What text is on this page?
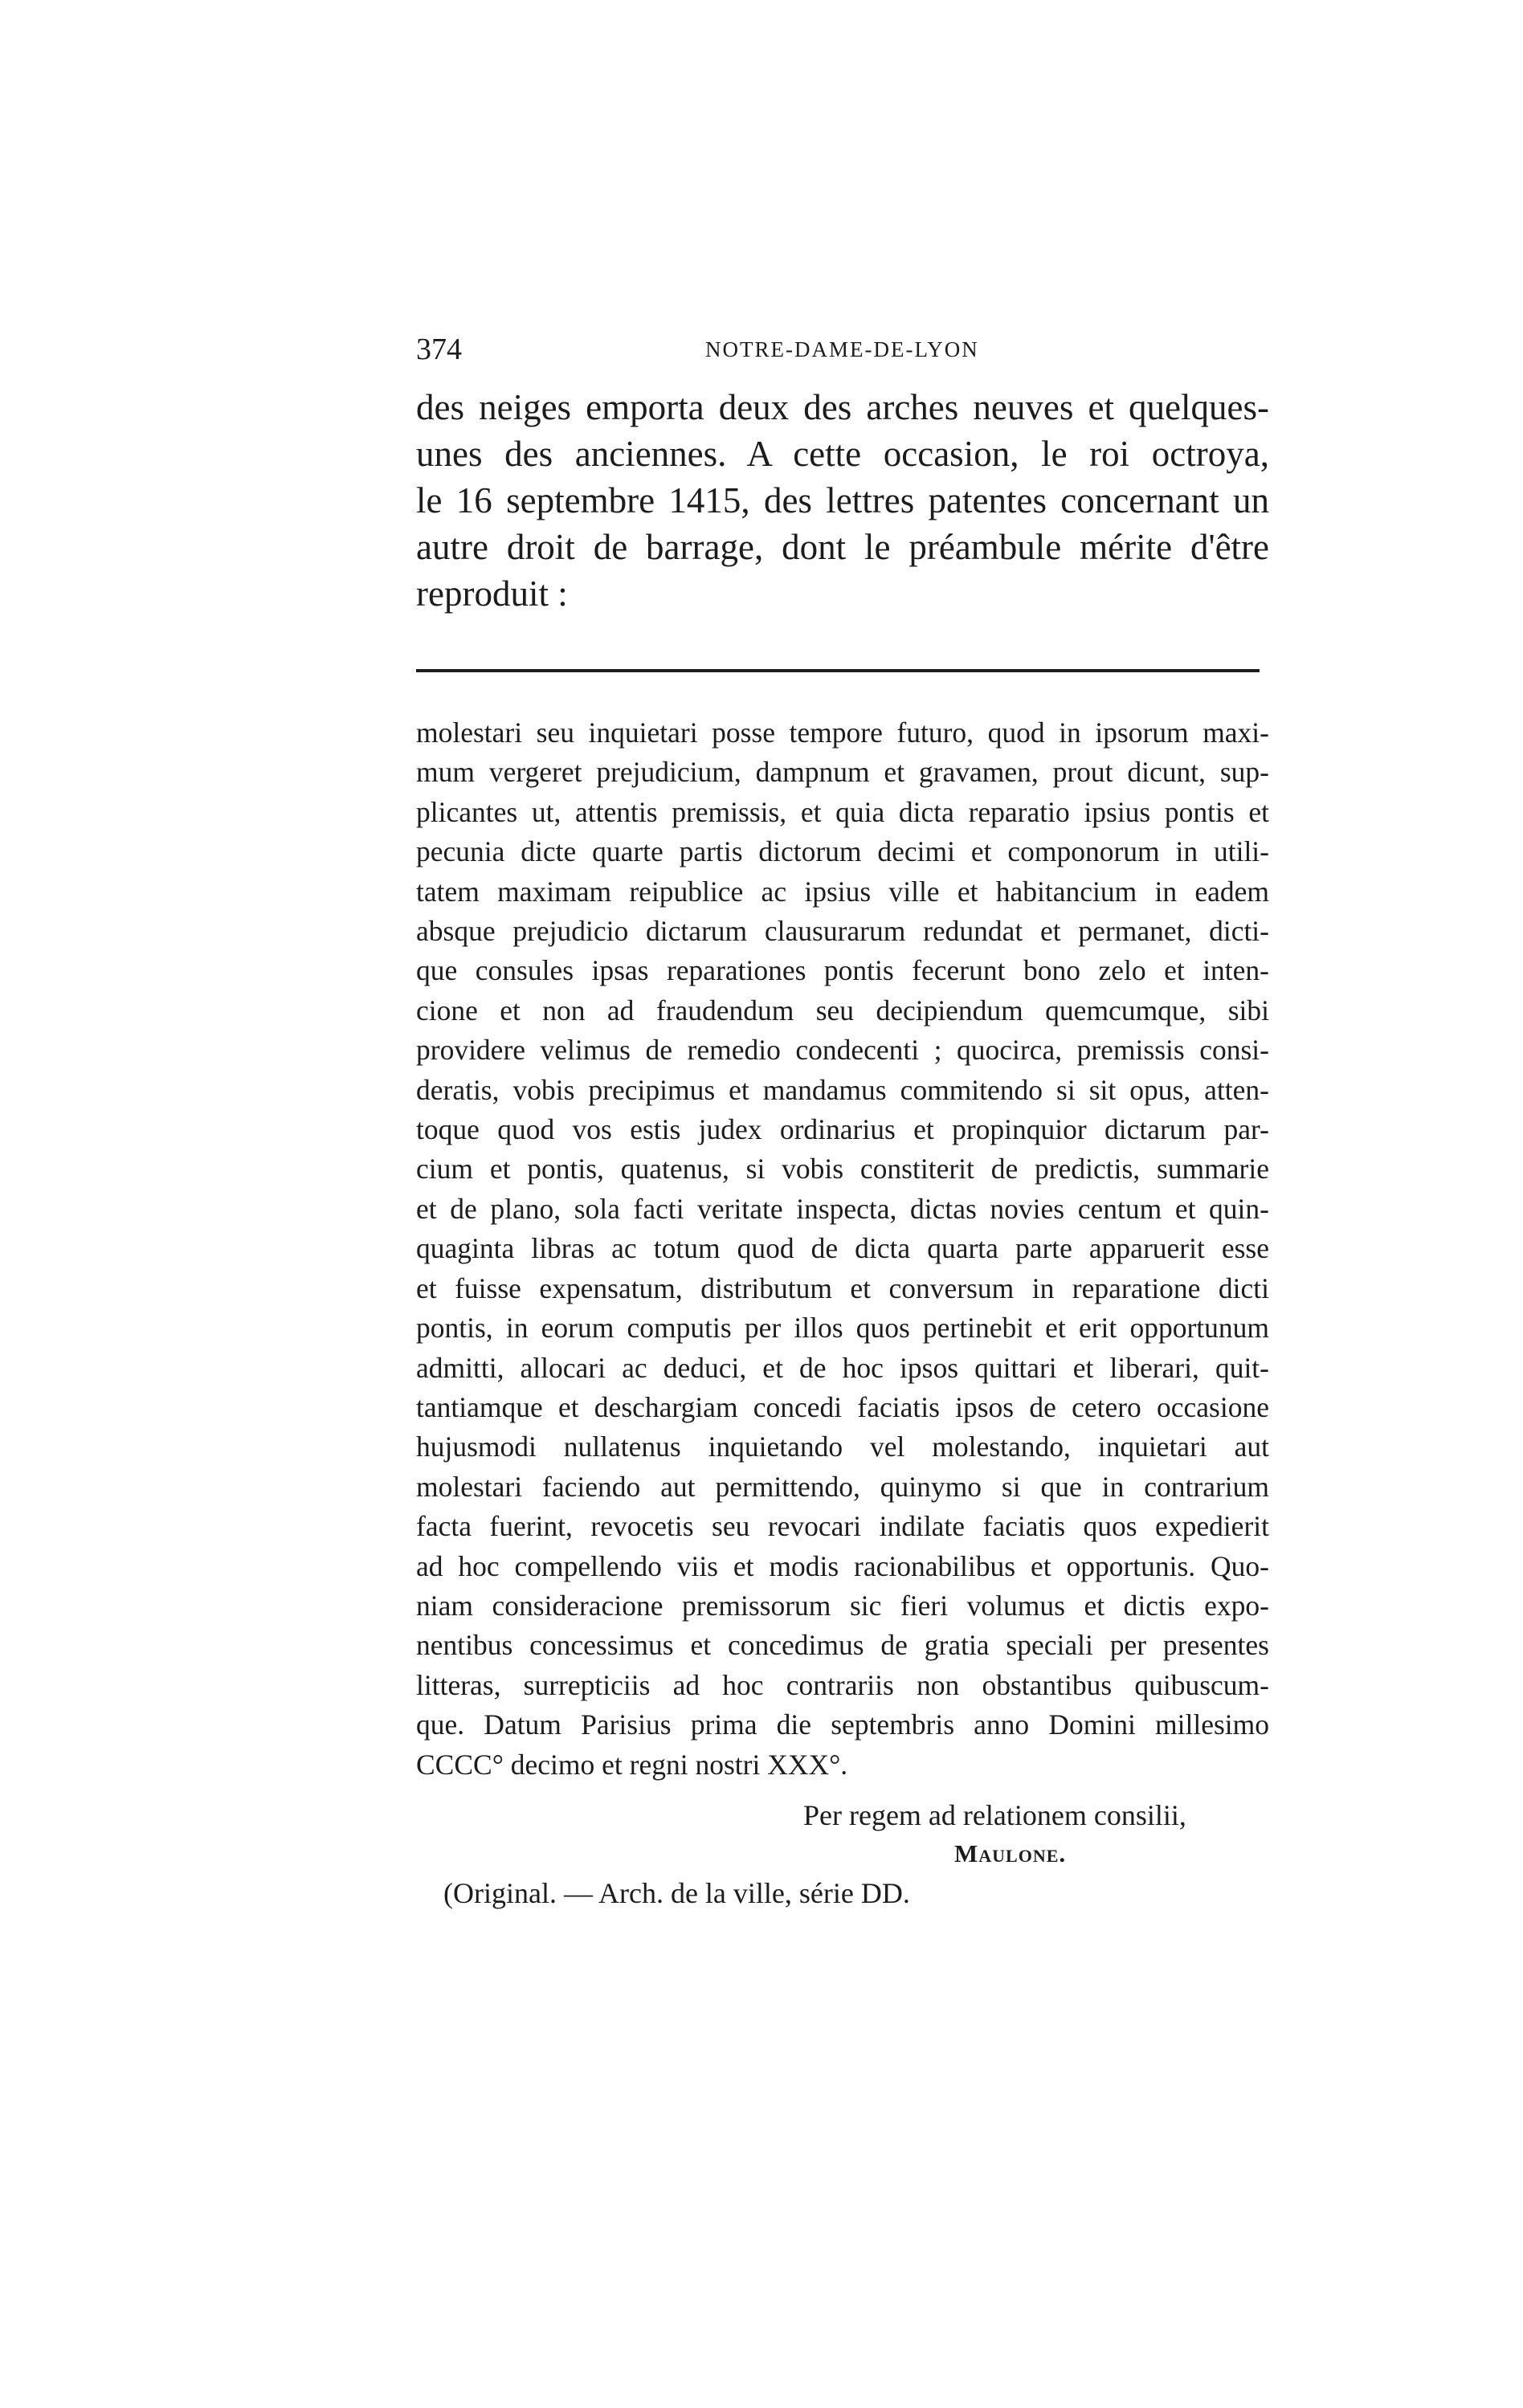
374	NOTRE-DAME-DE-LYON
des neiges emporta deux des arches neuves et quelques-
unes des anciennes. A cette occasion, le roi octroya,
le 16 septembre 1415, des lettres patentes concernant un
autre droit de barrage, dont le préambule mérite d'être
reproduit :
molestari seu inquietari posse tempore futuro, quod in ipsorum maxi-
mum vergeret prejudicium, dampnum et gravamen, prout dicunt, sup-
plicantes ut, attentis premissis, et quia dicta reparatio ipsius pontis et
pecunia dicte quarte partis dictorum decimi et componorum in utili-
tatem maximam reipublice ac ipsius ville et habitancium in eadem
absque prejudicio dictarum clausurarum redundat et permanet, dicti-
que consules ipsas reparationes pontis fecerunt bono zelo et inten-
cione et non ad fraudendum seu decipiendum quemcumque, sibi
providere velimus de remedio condecenti ; quocirca, premissis consi-
deratis, vobis precipimus et mandamus commitendo si sit opus, atten-
toque quod vos estis judex ordinarius et propinquior dictarum par-
cium et pontis, quatenus, si vobis constiterit de predictis, summarie
et de plano, sola facti veritate inspecta, dictas novies centum et quin-
quaginta libras ac totum quod de dicta quarta parte apparuerit esse
et fuisse expensatum, distributum et conversum in reparatione dicti
pontis, in eorum computis per illos quos pertinebit et erit opportunum
admitti, allocari ac deduci, et de hoc ipsos quittari et liberari, quit-
tantiamque et deschargiam concedi faciatis ipsos de cetero occasione
hujusmodi nullatenus inquietando vel molestando, inquietari aut
molestari faciendo aut permittendo, quinymo si que in contrarium
facta fuerint, revocetis seu revocari indilate faciatis quos expedierit
ad hoc compellendo viis et modis racionabilibus et opportunis. Quo-
niam consideracione premissorum sic fieri volumus et dictis expo-
nentibus concessimus et concedimus de gratia speciali per presentes
litteras, surrepticiis ad hoc contrariis non obstantibus quibuscum-
que. Datum Parisius prima die septembris anno Domini millesimo
CCCC° decimo et regni nostri XXX°.
Per regem ad relationem consilii,
Maulone.
(Original. — Arch. de la ville, série DD.
